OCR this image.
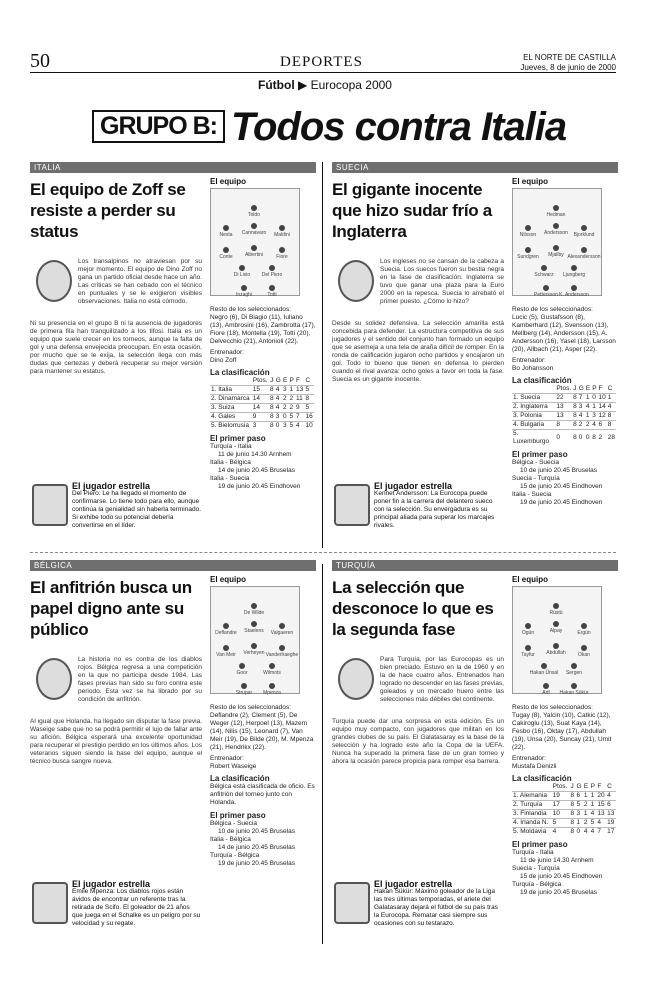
50	DEPORTES	EL NORTE DE CASTILLA
Jueves, 8 de junio de 2000
Fútbol ▶ Eurocopa 2000
GRUPO B: Todos contra Italia
ITALIA
El equipo de Zoff se resiste a perder su status
Los transalpinos no atraviesan por su mejor momento. El equipo de Dino Zoff no gana un partido oficial desde hace un año. Las críticas se han cebado con el técnico en puntuales y se le exigieron visibles observaciones. Italia no está cómodo.
Ni su presencia en el grupo B ni la ausencia de jugadores de primera fila han tranquilizado a los tifosi. Italia es un equipo que suele crecer en los torneos, aunque la falta de gol y una defensa envejecida preocupan. En esta ocasión, por mucho que se le exija, la selección llega con más dudas que certezas y deberá recuperar su mejor versión para mantener su estatus.
El equipo
Toldo
Nesta	Cannavaro	Maldini
Conte	Albertini	Fiore
Di Livio	Del Piero
Inzaghi	Totti
Resto de los seleccionados:
Negro (6), Di Biagio (11), Iuliano (13), Ambrosini (16), Zambrotta (17), Fiore (18), Montella (19), Totti (20), Delvecchio (21), Antonioli (22).
Entrenador:
Dino Zoff
La clasificación
	Ptos.	J	G	E	P	F	C
1. Italia	15	8	4	3	1	13	5
2. Dinamarca	14	8	4	2	2	11	8
3. Suiza	14	8	4	2	2	9	5
4. Gales	9	8	3	0	5	7	16
5. Bielorrusia	3	8	0	3	5	4	10
El primer paso
Turquía - Italia
11 de junio 14.30 Arnhem
Italia - Bélgica
14 de junio 20.45 Bruselas
Italia - Suecia
19 de junio 20.45 Eindhoven
El jugador estrella
Del Piero: Le ha llegado el momento de confirmarse. Lo tiene todo para ello, aunque continúa la genialidad sin haberla terminado. Si exhibe todo su potencial debería convertirse en el líder.
SUECIA
El gigante inocente que hizo sudar frío a Inglaterra
Los ingleses no se cansan de la cabeza a Suecia. Los suecos fueron su bestia negra en la fase de clasificación. Inglaterra se tuvo que ganar una plaza para la Euro 2000 en la repesca. Suecia lo arrebató el primer puesto. ¿Cómo lo hizo?
Desde su solidez defensiva. La selección amarilla está concebida para defender. La estructura competitiva de sus jugadores y el sentido del conjunto han formado un equipo que se asemeja a una tela de araña difícil de romper. En la ronda de calificación jugaron ocho partidos y encajaron un gol. Todo lo bueno que tienen en defensa lo pierden cuando el rival avanza: ocho goles a favor en toda la fase. Suecia es un gigante inocente.
El equipo
Hedman
Nilsson	Andersson	Bjorklund
Sundgren	Mjallby Alexandersson
Schwarz	Ljungberg
Pettersson K. Andersson
Resto de los seleccionados:
Lucic (5), Gustafsson (8), Kamberhard (12), Svensson (13), Mellberg (14), Andersson (15), A. Andersson (16), Yasel (18), Larsson (20), Allbach (21), Asper (22).
Entrenador:
Bo Johansson
La clasificación
	Ptos.	J	G	E	P	F	C
1. Suecia	22	8	7	1	0	10	1
2. Inglaterra	13	8	3	4	1	14	4
3. Polonia	13	8	4	1	3	12	8
4. Bulgaria	8	8	2	2	4	6	8
5. Luxemburgo	0	8	0	0	8	2	28
El primer paso
Bélgica - Suecia
10 de junio 20.45 Bruselas
Suecia - Turquía
15 de junio 20.45 Eindhoven
Italia - Suecia
19 de junio 20.45 Eindhoven
El jugador estrella
Kennet Andersson: La Eurocopa puede poner fin a la carrera del delantero sueco con la selección. Su envergadura es su principal aliada para superar los marcajes rivales.
BÉLGICA
El anfitrión busca un papel digno ante su público
La historia no es contra de los diablos rojos. Bélgica regresa a una competición en la que no participa desde 1984. Las fases previas han sido su foro contra este periodo. Esta vez se ha librado por su condición de anfitrión.
Al igual que Holanda, ha llegado sin disputar la fase previa. Waseige sabe que no se podrá permitir el lujo de fallar ante su afición. Bélgica esperará una excelente oportunidad para recuperar el prestigio perdido en los últimos años. Los veteranos siguen siendo la base del equipo, aunque el técnico busca sangre nueva.
El equipo
De Wilde
Deflandre	Staelens	Valgaeren
Van Meir	Verheyen Vanderhaeghe
Goor	Wilmots
Strupar	Mpenza
Resto de los seleccionados:
Deflandre (2), Clement (5), De Weger (12), Herpoel (13), Mazem (14), Nilis (15), Leonard (7), Van Meir (19), De Bilde (20), M. Mpenza (21), Hendrikx (22).
Entrenador:
Robert Waseige
La clasificación
Bélgica está clasificada de oficio. Es anfitrión del torneo junto con Holanda.
El primer paso
Bélgica - Suecia
10 de junio 20.45 Bruselas
Italia - Bélgica
14 de junio 20.45 Bruselas
Turquía - Bélgica
19 de junio 20.45 Bruselas
El jugador estrella
Emile Mpenza: Los diablos rojos están ávidos de encontrar un referente tras la retirada de Scifo. El goleador de 21 años que juega en el Schalke es un peligro por su velocidad y su regate.
TURQUÍA
La selección que desconoce lo que es la segunda fase
Para Turquía, por las Eurocopas es un bien preciado. Estuvo en la de 1960 y en la de hace cuatro años. Entrenados han logrado no descender en las fases previas, goleados y un mercado huero entre las selecciones más débiles del continente.
Turquía puede dar una sorpresa en esta edición. Es un equipo muy compacto, con jugadores que militan en los grandes clubes de su país. El Galatasaray es la base de la selección y ha logrado este año la Copa de la UEFA. Nunca ha superado la primera fase de un gran torneo y ahora la ocasión parece propicia para romper esa barrera.
El equipo
Rüstü
Ogün	Alpay	Ergün
Tayfur	Abdullah	Okan
Hakan Ünsal	Sergen
Arif	Hakan Sükür
Resto de los seleccionados:
Tugay (8), Yalcin (10), Catkic (12), Cakiroglu (13), Suat Kaya (14), Fesbo (16), Oktay (17), Abdullah (19), Unsa (20), Suncay (21), Umit (22).
Entrenador:
Mustafa Denizli
La clasificación
	Ptos.	J	G	E	P	F	C
1. Alemania	19	8	6	1	1	20	4
2. Turquía	17	8	5	2	1	15	6
3. Finlandia	10	8	3	1	4	13	13
4. Irlanda N.	5	8	1	2	5	4	19
5. Moldavia	4	8	0	4	4	7	17
El primer paso
Turquía - Italia
11 de junio 14.30 Arnhem
Suecia - Turquía
15 de junio 20.45 Eindhoven
Turquía - Bélgica
19 de junio 20.45 Bruselas
El jugador estrella
Hakan Sükür: Máximo goleador de la Liga las tres últimas temporadas, el ariete del Galatasaray dejará el fútbol de su país tras la Eurocopa. Rematar casi siempre sus ocasiones con su testarazo.
